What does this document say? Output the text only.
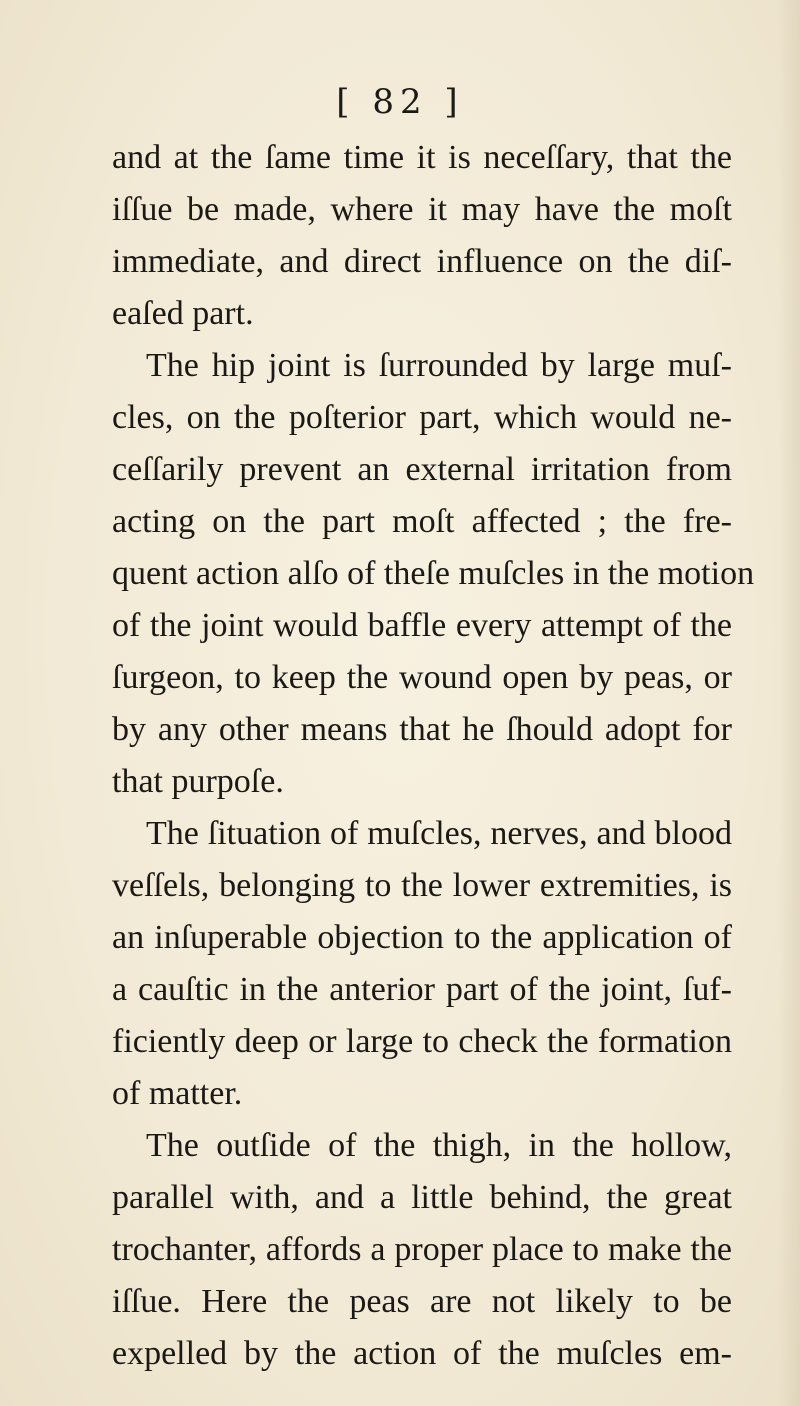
[ 82 ]
and at the ſame time it is neceſſary, that the
iſſue be made, where it may have the moſt
immediate, and direct influence on the diſ-
eaſed part.
The hip joint is ſurrounded by large muſ-
cles, on the poſterior part, which would ne-
ceſſarily prevent an external irritation from
acting on the part moſt affected ; the fre-
quent action alſo of theſe muſcles in the motion
of the joint would baffle every attempt of the
ſurgeon, to keep the wound open by peas, or
by any other means that he ſhould adopt for
that purpoſe.
The ſituation of muſcles, nerves, and blood
veſſels, belonging to the lower extremities, is
an inſuperable objection to the application of
a cauſtic in the anterior part of the joint, ſuf-
ficiently deep or large to check the formation
of matter.
The outſide of the thigh, in the hollow,
parallel with, and a little behind, the great
trochanter, affords a proper place to make the
iſſue. Here the peas are not likely to be
expelled by the action of the muſcles em-
